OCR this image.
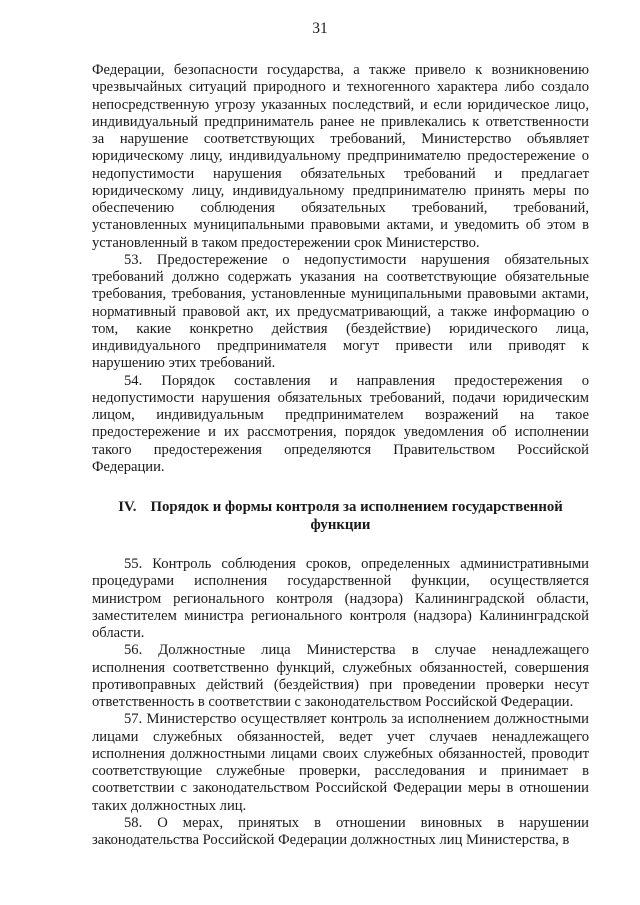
31

Федерации, безопасности государства, а также привело к возникновению чрезвычайных ситуаций природного и техногенного характера либо создало непосредственную угрозу указанных последствий, и если юридическое лицо, индивидуальный предприниматель ранее не привлекались к ответственности за нарушение соответствующих требований, Министерство объявляет юридическому лицу, индивидуальному предпринимателю предостережение о недопустимости нарушения обязательных требований и предлагает юридическому лицу, индивидуальному предпринимателю принять меры по обеспечению соблюдения обязательных требований, требований, установленных муниципальными правовыми актами, и уведомить об этом в установленный в таком предостережении срок Министерство.

53. Предостережение о недопустимости нарушения обязательных требований должно содержать указания на соответствующие обязательные требования, требования, установленные муниципальными правовыми актами, нормативный правовой акт, их предусматривающий, а также информацию о том, какие конкретно действия (бездействие) юридического лица, индивидуального предпринимателя могут привести или приводят к нарушению этих требований.

54. Порядок составления и направления предостережения о недопустимости нарушения обязательных требований, подачи юридическим лицом, индивидуальным предпринимателем возражений на такое предостережение и их рассмотрения, порядок уведомления об исполнении такого предостережения определяются Правительством Российской Федерации.

IV. Порядок и формы контроля за исполнением государственной функции

55. Контроль соблюдения сроков, определенных административными процедурами исполнения государственной функции, осуществляется министром регионального контроля (надзора) Калининградской области, заместителем министра регионального контроля (надзора) Калининградской области.

56. Должностные лица Министерства в случае ненадлежащего исполнения соответственно функций, служебных обязанностей, совершения противоправных действий (бездействия) при проведении проверки несут ответственность в соответствии с законодательством Российской Федерации.

57. Министерство осуществляет контроль за исполнением должностными лицами служебных обязанностей, ведет учет случаев ненадлежащего исполнения должностными лицами своих служебных обязанностей, проводит соответствующие служебные проверки, расследования и принимает в соответствии с законодательством Российской Федерации меры в отношении таких должностных лиц.

58. О мерах, принятых в отношении виновных в нарушении законодательства Российской Федерации должностных лиц Министерства, в
